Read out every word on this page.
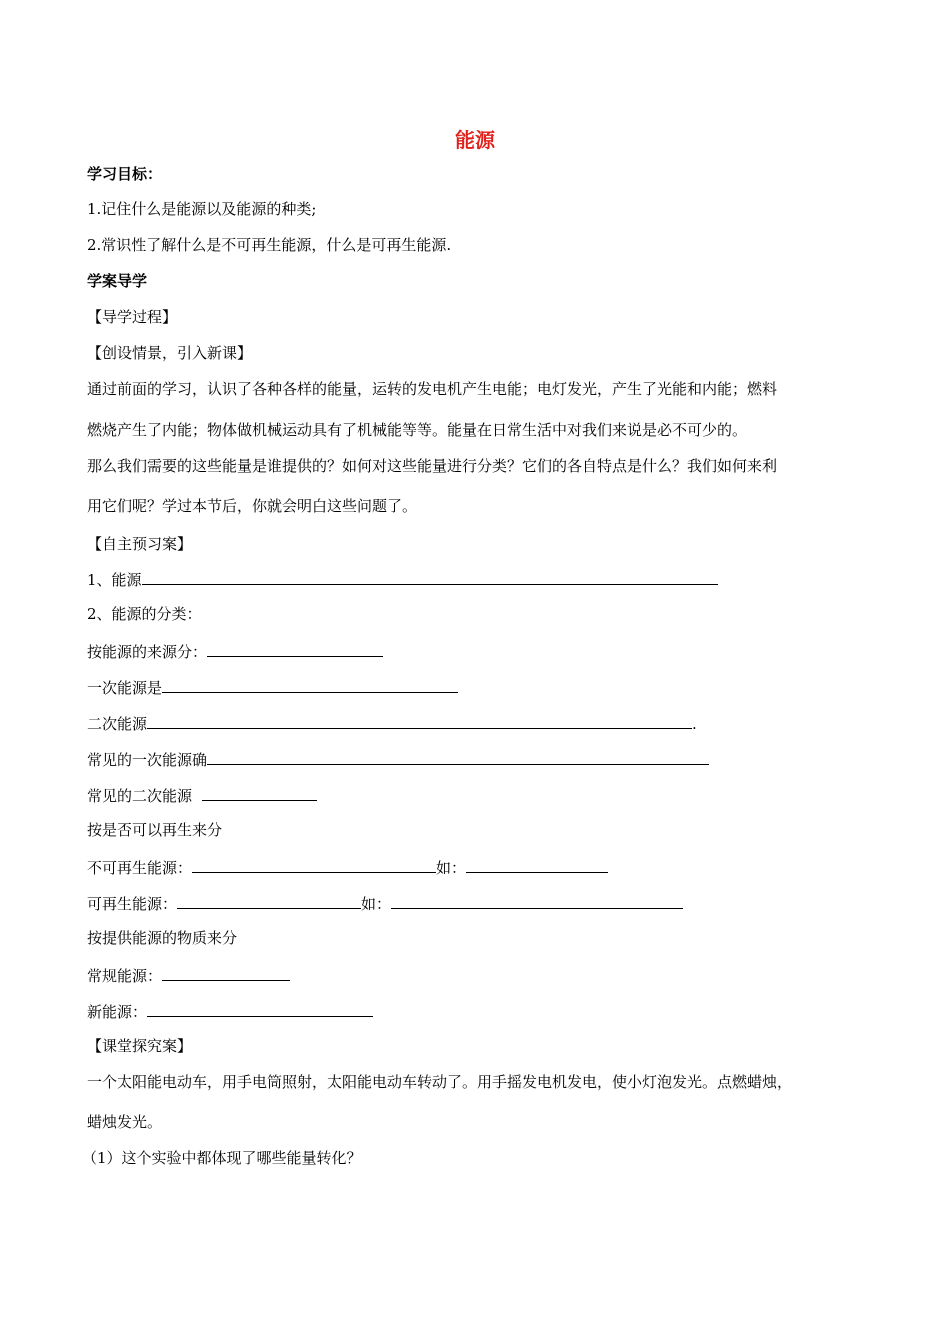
能源
学习目标：
1.记住什么是能源以及能源的种类;
2.常识性了解什么是不可再生能源，什么是可再生能源.
学案导学
【导学过程】
【创设情景，引入新课】
通过前面的学习，认识了各种各样的能量，运转的发电机产生电能；电灯发光，产生了光能和内能；燃料
燃烧产生了内能；物体做机械运动具有了机械能等等。能量在日常生活中对我们来说是必不可少的。
那么我们需要的这些能量是谁提供的？如何对这些能量进行分类？它们的各自特点是什么？我们如何来利
用它们呢？学过本节后，你就会明白这些问题了。
【自主预习案】
1、能源
2、能源的分类：
按能源的来源分：
一次能源是
二次能源	.
常见的一次能源确
常见的二次能源
按是否可以再生来分
不可再生能源：	如：
可再生能源：	如：
按提供能源的物质来分
常规能源：
新能源：
【课堂探究案】
一个太阳能电动车，用手电筒照射，太阳能电动车转动了。用手摇发电机发电，使小灯泡发光。点燃蜡烛，
蜡烛发光。
（1）这个实验中都体现了哪些能量转化？
